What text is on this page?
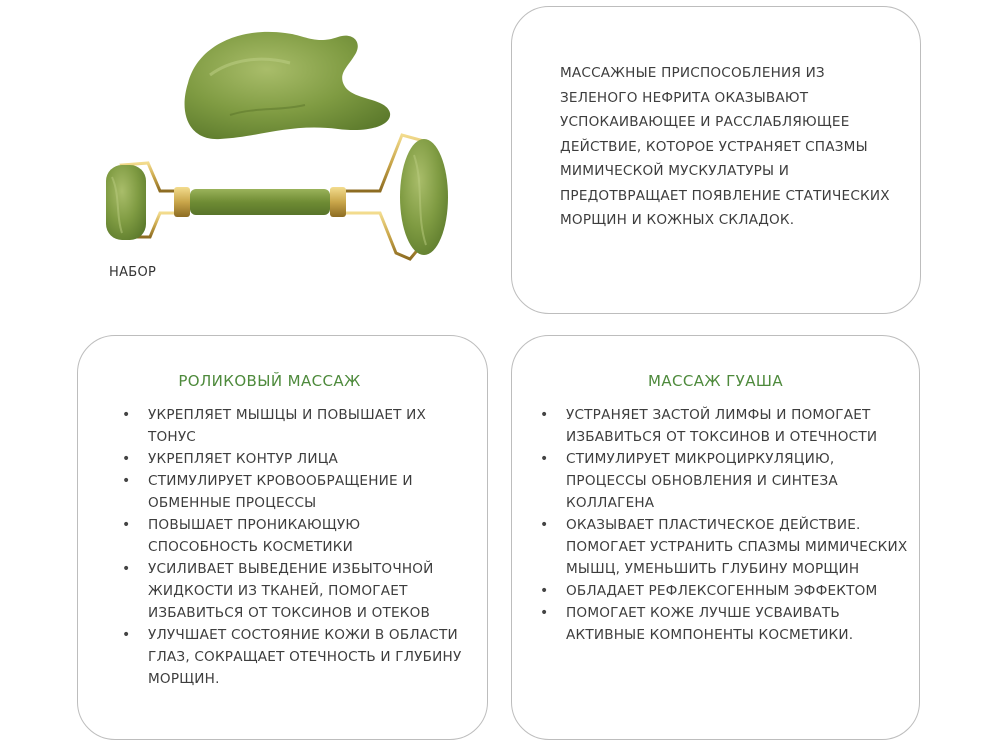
НАБОР

МАССАЖНЫЕ ПРИСПОСОБЛЕНИЯ ИЗ ЗЕЛЕНОГО НЕФРИТА ОКАЗЫВАЮТ УСПОКАИВАЮЩЕЕ И РАССЛАБЛЯЮЩЕЕ ДЕЙСТВИЕ, КОТОРОЕ УСТРАНЯЕТ СПАЗМЫ МИМИЧЕСКОЙ МУСКУЛАТУРЫ И ПРЕДОТВРАЩАЕТ ПОЯВЛЕНИЕ СТАТИЧЕСКИХ МОРЩИН И КОЖНЫХ СКЛАДОК.

РОЛИКОВЫЙ МАССАЖ
• УКРЕПЛЯЕТ МЫШЦЫ И ПОВЫШАЕТ ИХ ТОНУС
• УКРЕПЛЯЕТ КОНТУР ЛИЦА
• СТИМУЛИРУЕТ КРОВООБРАЩЕНИЕ И ОБМЕННЫЕ ПРОЦЕССЫ
• ПОВЫШАЕТ ПРОНИКАЮЩУЮ СПОСОБНОСТЬ КОСМЕТИКИ
• УСИЛИВАЕТ ВЫВЕДЕНИЕ ИЗБЫТОЧНОЙ ЖИДКОСТИ ИЗ ТКАНЕЙ, ПОМОГАЕТ ИЗБАВИТЬСЯ ОТ ТОКСИНОВ И ОТЕКОВ
• УЛУЧШАЕТ СОСТОЯНИЕ КОЖИ В ОБЛАСТИ ГЛАЗ, СОКРАЩАЕТ ОТЕЧНОСТЬ И ГЛУБИНУ МОРЩИН.
МАССАЖ ГУАША
• УСТРАНЯЕТ ЗАСТОЙ ЛИМФЫ И ПОМОГАЕТ ИЗБАВИТЬСЯ ОТ ТОКСИНОВ И ОТЕЧНОСТИ
• СТИМУЛИРУЕТ МИКРОЦИРКУЛЯЦИЮ, ПРОЦЕССЫ ОБНОВЛЕНИЯ И СИНТЕЗА КОЛЛАГЕНА
• ОКАЗЫВАЕТ ПЛАСТИЧЕСКОЕ ДЕЙСТВИЕ. ПОМОГАЕТ УСТРАНИТЬ СПАЗМЫ МИМИЧЕСКИХ МЫШЦ, УМЕНЬШИТЬ ГЛУБИНУ МОРЩИН
• ОБЛАДАЕТ РЕФЛЕКСОГЕННЫМ ЭФФЕКТОМ
• ПОМОГАЕТ КОЖЕ ЛУЧШЕ УСВАИВАТЬ АКТИВНЫЕ КОМПОНЕНТЫ КОСМЕТИКИ.
